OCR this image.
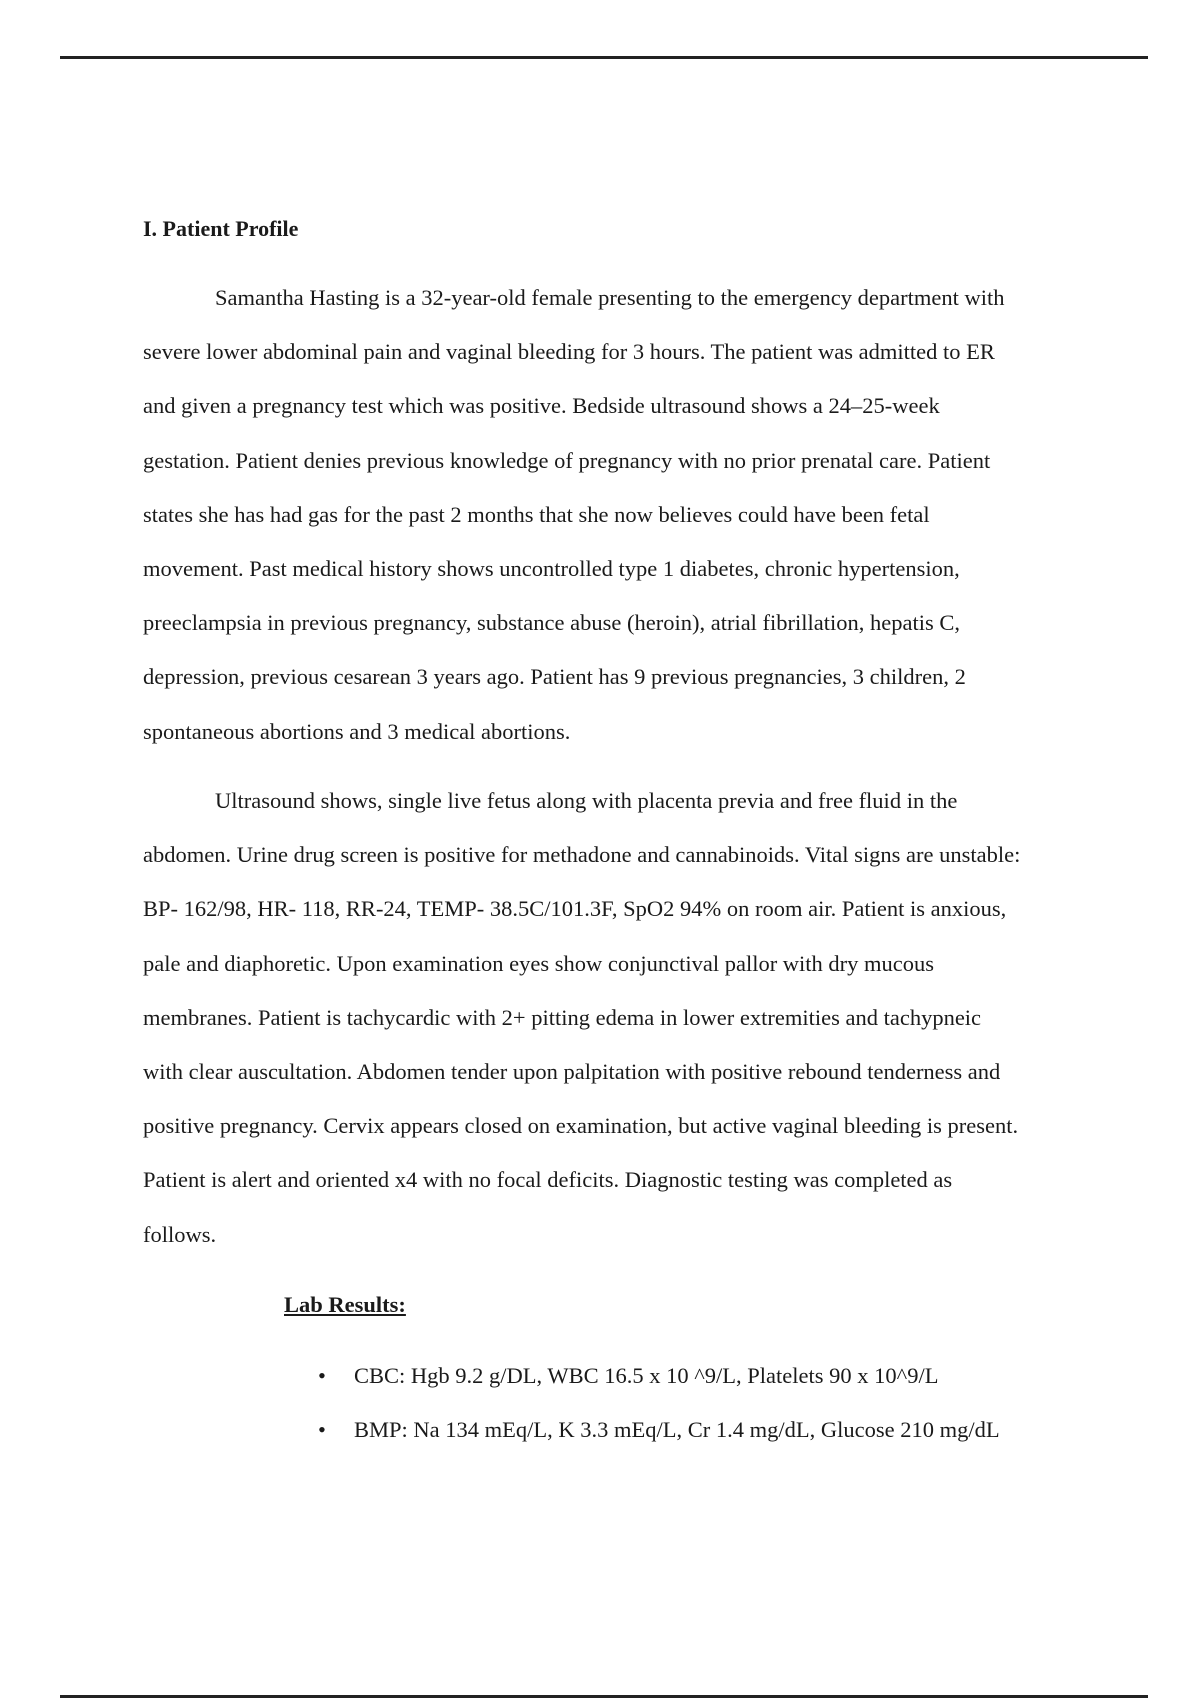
I. Patient Profile
Samantha Hasting is a 32-year-old female presenting to the emergency department with
severe lower abdominal pain and vaginal bleeding for 3 hours. The patient was admitted to ER
and given a pregnancy test which was positive. Bedside ultrasound shows a 24–25-week
gestation. Patient denies previous knowledge of pregnancy with no prior prenatal care. Patient
states she has had gas for the past 2 months that she now believes could have been fetal
movement. Past medical history shows uncontrolled type 1 diabetes, chronic hypertension,
preeclampsia in previous pregnancy, substance abuse (heroin), atrial fibrillation, hepatis C,
depression, previous cesarean 3 years ago. Patient has 9 previous pregnancies, 3 children, 2
spontaneous abortions and 3 medical abortions.
Ultrasound shows, single live fetus along with placenta previa and free fluid in the
abdomen. Urine drug screen is positive for methadone and cannabinoids. Vital signs are unstable:
BP- 162/98, HR- 118, RR-24, TEMP- 38.5C/101.3F, SpO2 94% on room air. Patient is anxious,
pale and diaphoretic. Upon examination eyes show conjunctival pallor with dry mucous
membranes. Patient is tachycardic with 2+ pitting edema in lower extremities and tachypneic
with clear auscultation. Abdomen tender upon palpitation with positive rebound tenderness and
positive pregnancy. Cervix appears closed on examination, but active vaginal bleeding is present.
Patient is alert and oriented x4 with no focal deficits. Diagnostic testing was completed as
follows.
Lab Results:
• CBC: Hgb 9.2 g/DL, WBC 16.5 x 10 ^9/L, Platelets 90 x 10^9/L
• BMP: Na 134 mEq/L, K 3.3 mEq/L, Cr 1.4 mg/dL, Glucose 210 mg/dL
